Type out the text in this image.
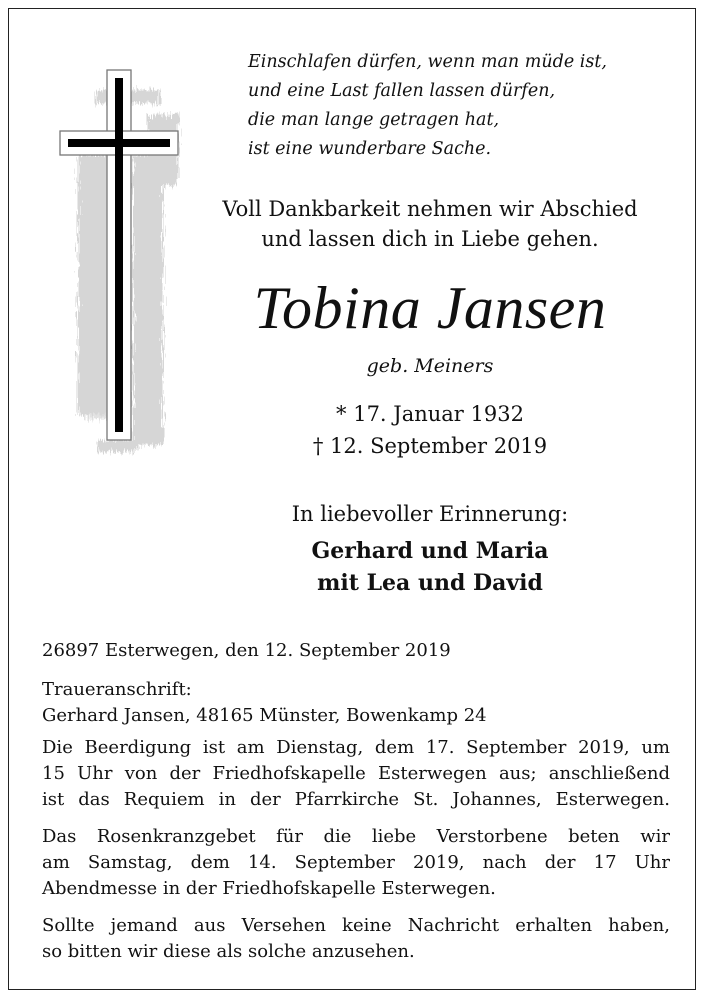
Einschlafen dürfen, wenn man müde ist,
und eine Last fallen lassen dürfen,
die man lange getragen hat,
ist eine wunderbare Sache.
Voll Dankbarkeit nehmen wir Abschied
und lassen dich in Liebe gehen.
Tobina Jansen
geb. Meiners
* 17. Januar 1932
† 12. September 2019
In liebevoller Erinnerung:
Gerhard und Maria
mit Lea und David
26897 Esterwegen, den 12. September 2019
Traueranschrift:
Gerhard Jansen, 48165 Münster, Bowenkamp 24
Die Beerdigung ist am Dienstag, dem 17. September 2019, um
15 Uhr von der Friedhofskapelle Esterwegen aus; anschließend
ist das Requiem in der Pfarrkirche St. Johannes, Esterwegen.
Das Rosenkranzgebet für die liebe Verstorbene beten wir
am Samstag, dem 14. September 2019, nach der 17 Uhr
Abendmesse in der Friedhofskapelle Esterwegen.
Sollte jemand aus Versehen keine Nachricht erhalten haben,
so bitten wir diese als solche anzusehen.
